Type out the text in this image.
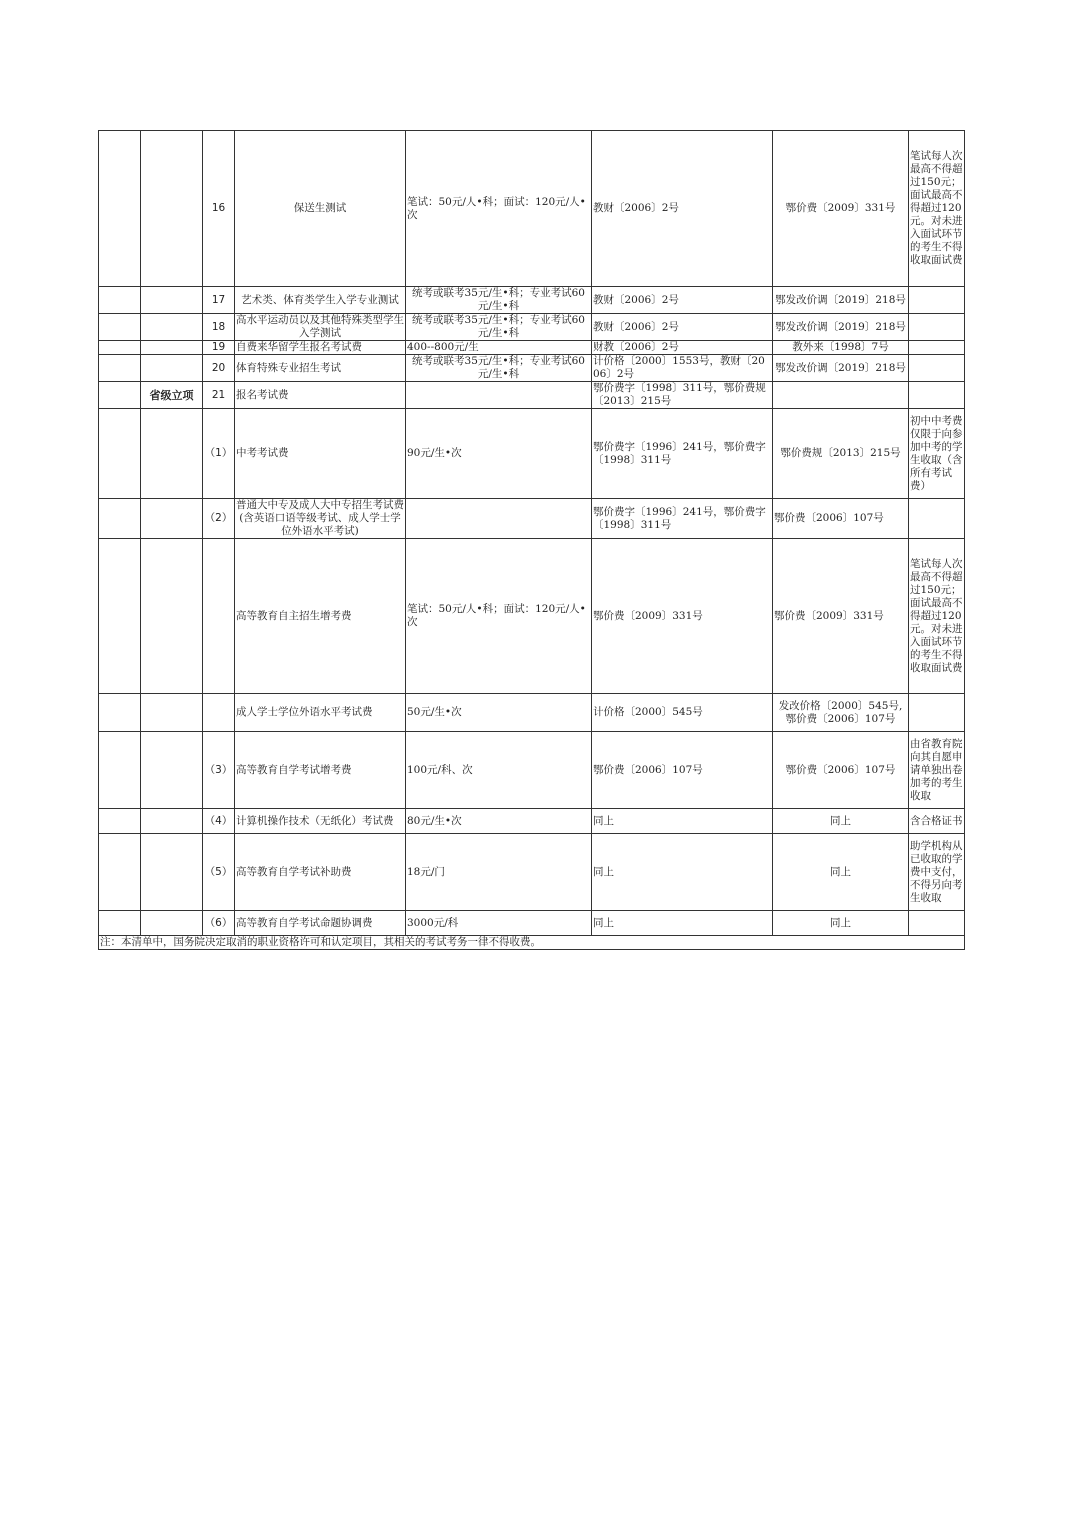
		16	保送生测试	笔试：50元/人•科；面试：120元/人•次	教财〔2006〕2号	鄂价费〔2009〕331号	笔试每人次最高不得超过150元；面试最高不得超过120元。对未进入面试环节的考生不得收取面试费
		17	艺术类、体育类学生入学专业测试	统考或联考35元/生•科；专业考试60元/生•科	教财〔2006〕2号	鄂发改价调〔2019〕218号	
		18	高水平运动员以及其他特殊类型学生入学测试	统考或联考35元/生•科；专业考试60元/生•科	教财〔2006〕2号	鄂发改价调〔2019〕218号	
		19	自费来华留学生报名考试费	400--800元/生	财教〔2006〕2号	教外来〔1998〕7号	
		20	体育特殊专业招生考试	统考或联考35元/生•科；专业考试60元/生•科	计价格〔2000〕1553号，教财〔2006〕2号	鄂发改价调〔2019〕218号	
	省级立项	21	报名考试费		鄂价费字〔1998〕311号，鄂价费规〔2013〕215号		
		（1）	中考考试费	90元/生•次	鄂价费字〔1996〕241号，鄂价费字〔1998〕311号	鄂价费规〔2013〕215号	初中中考费仅限于向参加中考的学生收取（含所有考试费）
		（2）	普通大中专及成人大中专招生考试费(含英语口语等级考试、成人学士学位外语水平考试)		鄂价费字〔1996〕241号，鄂价费字〔1998〕311号	鄂价费〔2006〕107号	
			高等教育自主招生增考费	笔试：50元/人•科；面试：120元/人•次	鄂价费〔2009〕331号	鄂价费〔2009〕331号	笔试每人次最高不得超过150元；面试最高不得超过120元。对未进入面试环节的考生不得收取面试费
			成人学士学位外语水平考试费	50元/生•次	计价格〔2000〕545号	发改价格〔2000〕545号,鄂价费〔2006〕107号	
		（3）	高等教育自学考试增考费	100元/科、次	鄂价费〔2006〕107号	鄂价费〔2006〕107号	由省教育院向其自愿申请单独出卷加考的考生收取
		（4）	计算机操作技术（无纸化）考试费	80元/生•次	同上	同上	含合格证书
		（5）	高等教育自学考试补助费	18元/门	同上	同上	助学机构从已收取的学费中支付，不得另向考生收取
		（6）	高等教育自学考试命题协调费	3000元/科	同上	同上	
注：本清单中，国务院决定取消的职业资格许可和认定项目，其相关的考试考务一律不得收费。							
